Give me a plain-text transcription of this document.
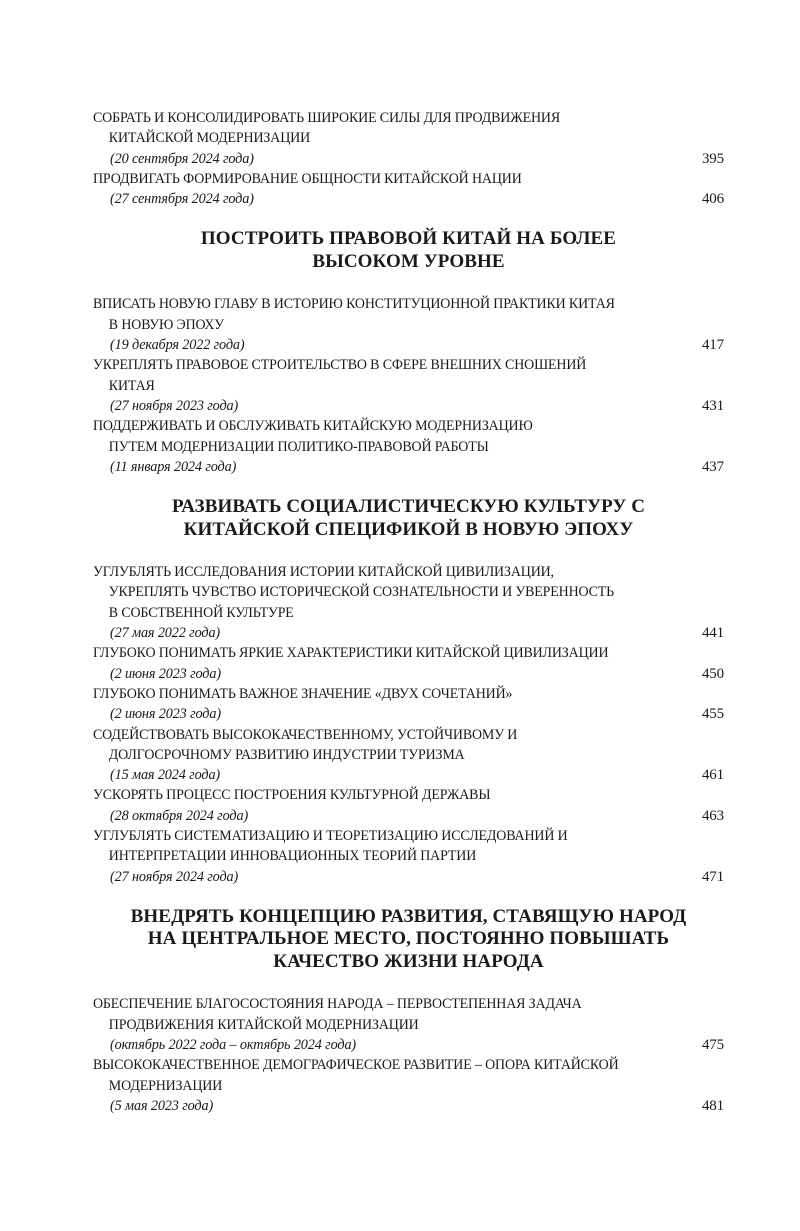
СОБРАТЬ И КОНСОЛИДИРОВАТЬ ШИРОКИЕ СИЛЫ ДЛЯ ПРОДВИЖЕНИЯ
КИТАЙСКОЙ МОДЕРНИЗАЦИИ
(20 сентября 2024 года)	395
ПРОДВИГАТЬ ФОРМИРОВАНИЕ ОБЩНОСТИ КИТАЙСКОЙ НАЦИИ
(27 сентября 2024 года)	406
ПОСТРОИТЬ ПРАВОВОЙ КИТАЙ НА БОЛЕЕ
ВЫСОКОМ УРОВНЕ
ВПИСАТЬ НОВУЮ ГЛАВУ В ИСТОРИЮ КОНСТИТУЦИОННОЙ ПРАКТИКИ КИТАЯ
В НОВУЮ ЭПОХУ
(19 декабря 2022 года)	417
УКРЕПЛЯТЬ ПРАВОВОЕ СТРОИТЕЛЬСТВО В СФЕРЕ ВНЕШНИХ СНОШЕНИЙ
КИТАЯ
(27 ноября 2023 года)	431
ПОДДЕРЖИВАТЬ И ОБСЛУЖИВАТЬ КИТАЙСКУЮ МОДЕРНИЗАЦИЮ
ПУТЕМ МОДЕРНИЗАЦИИ ПОЛИТИКО-ПРАВОВОЙ РАБОТЫ
(11 января 2024 года)	437
РАЗВИВАТЬ СОЦИАЛИСТИЧЕСКУЮ КУЛЬТУРУ С
КИТАЙСКОЙ СПЕЦИФИКОЙ В НОВУЮ ЭПОХУ
УГЛУБЛЯТЬ ИССЛЕДОВАНИЯ ИСТОРИИ КИТАЙСКОЙ ЦИВИЛИЗАЦИИ,
УКРЕПЛЯТЬ ЧУВСТВО ИСТОРИЧЕСКОЙ СОЗНАТЕЛЬНОСТИ И УВЕРЕННОСТЬ
В СОБСТВЕННОЙ КУЛЬТУРЕ
(27 мая 2022 года)	441
ГЛУБОКО ПОНИМАТЬ ЯРКИЕ ХАРАКТЕРИСТИКИ КИТАЙСКОЙ ЦИВИЛИЗАЦИИ
(2 июня 2023 года)	450
ГЛУБОКО ПОНИМАТЬ ВАЖНОЕ ЗНАЧЕНИЕ «ДВУХ СОЧЕТАНИЙ»
(2 июня 2023 года)	455
СОДЕЙСТВОВАТЬ ВЫСОКОКАЧЕСТВЕННОМУ, УСТОЙЧИВОМУ И
ДОЛГОСРОЧНОМУ РАЗВИТИЮ ИНДУСТРИИ ТУРИЗМА
(15 мая 2024 года)	461
УСКОРЯТЬ ПРОЦЕСС ПОСТРОЕНИЯ КУЛЬТУРНОЙ ДЕРЖАВЫ
(28 октября 2024 года)	463
УГЛУБЛЯТЬ СИСТЕМАТИЗАЦИЮ И ТЕОРЕТИЗАЦИЮ ИССЛЕДОВАНИЙ И
ИНТЕРПРЕТАЦИИ ИННОВАЦИОННЫХ ТЕОРИЙ ПАРТИИ
(27 ноября 2024 года)	471
ВНЕДРЯТЬ КОНЦЕПЦИЮ РАЗВИТИЯ, СТАВЯЩУЮ НАРОД
НА ЦЕНТРАЛЬНОЕ МЕСТО, ПОСТОЯННО ПОВЫШАТЬ
КАЧЕСТВО ЖИЗНИ НАРОДА
ОБЕСПЕЧЕНИЕ БЛАГОСОСТОЯНИЯ НАРОДА – ПЕРВОСТЕПЕННАЯ ЗАДАЧА
ПРОДВИЖЕНИЯ КИТАЙСКОЙ МОДЕРНИЗАЦИИ
(октябрь 2022 года – октябрь 2024 года)	475
ВЫСОКОКАЧЕСТВЕННОЕ ДЕМОГРАФИЧЕСКОЕ РАЗВИТИЕ – ОПОРА КИТАЙСКОЙ
МОДЕРНИЗАЦИИ
(5 мая 2023 года)	481
